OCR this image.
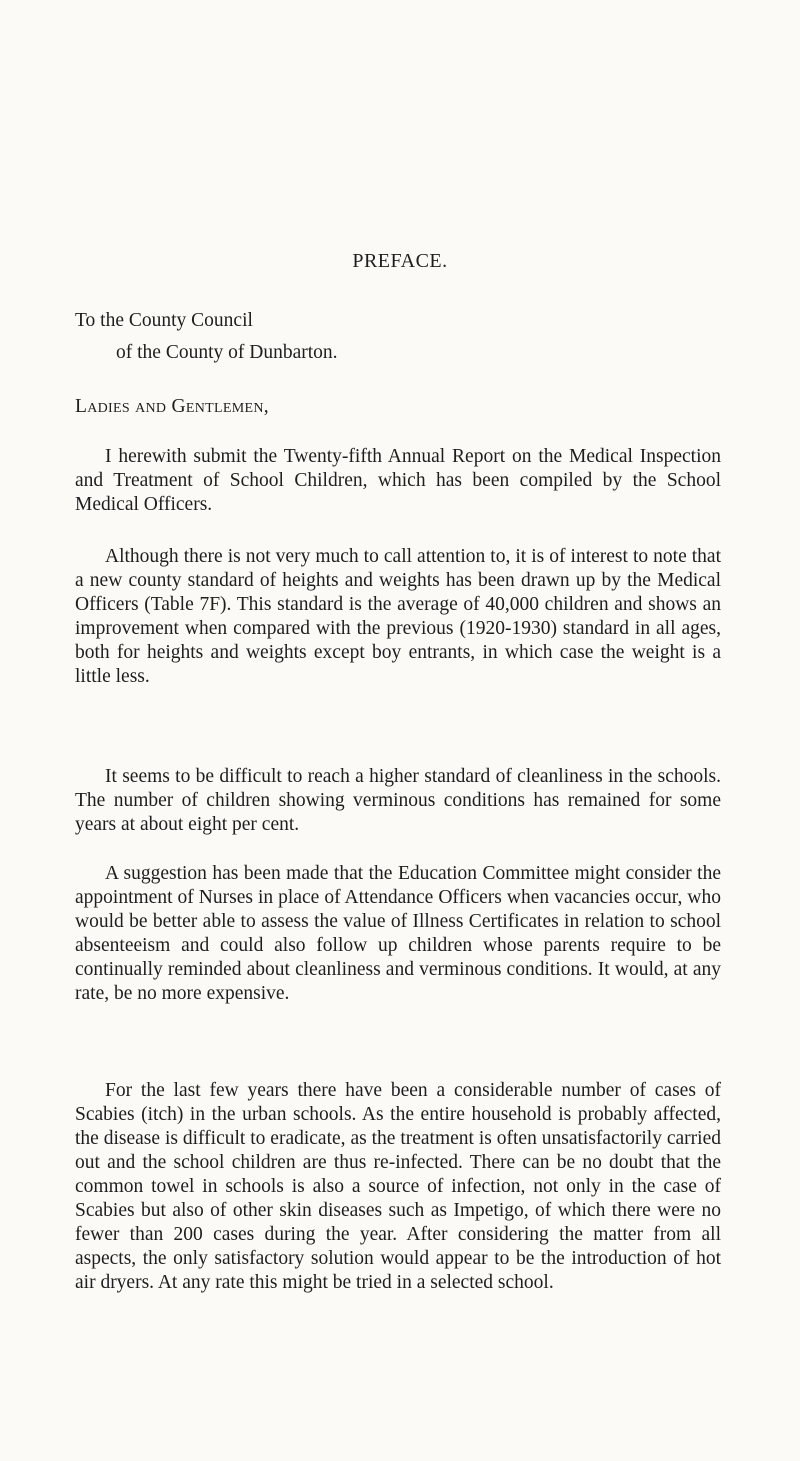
PREFACE.
To the County Council
of the County of Dunbarton.
Ladies and Gentlemen,

I herewith submit the Twenty-fifth Annual Report on the Medical Inspection and Treatment of School Children, which has been compiled by the School Medical Officers.

Although there is not very much to call attention to, it is of interest to note that a new county standard of heights and weights has been drawn up by the Medical Officers (Table 7F). This standard is the average of 40,000 children and shows an improvement when compared with the previous (1920-1930) standard in all ages, both for heights and weights except boy entrants, in which case the weight is a little less.

It seems to be difficult to reach a higher standard of cleanliness in the schools. The number of children showing verminous conditions has remained for some years at about eight per cent.

A suggestion has been made that the Education Committee might consider the appointment of Nurses in place of Attendance Officers when vacancies occur, who would be better able to assess the value of Illness Certificates in relation to school absenteeism and could also follow up children whose parents require to be continually reminded about cleanliness and verminous conditions. It would, at any rate, be no more expensive.

For the last few years there have been a considerable number of cases of Scabies (itch) in the urban schools. As the entire household is probably affected, the disease is difficult to eradicate, as the treatment is often unsatisfactorily carried out and the school children are thus re-infected. There can be no doubt that the common towel in schools is also a source of infection, not only in the case of Scabies but also of other skin diseases such as Impetigo, of which there were no fewer than 200 cases during the year. After considering the matter from all aspects, the only satisfactory solution would appear to be the introduction of hot air dryers. At any rate this might be tried in a selected school.
